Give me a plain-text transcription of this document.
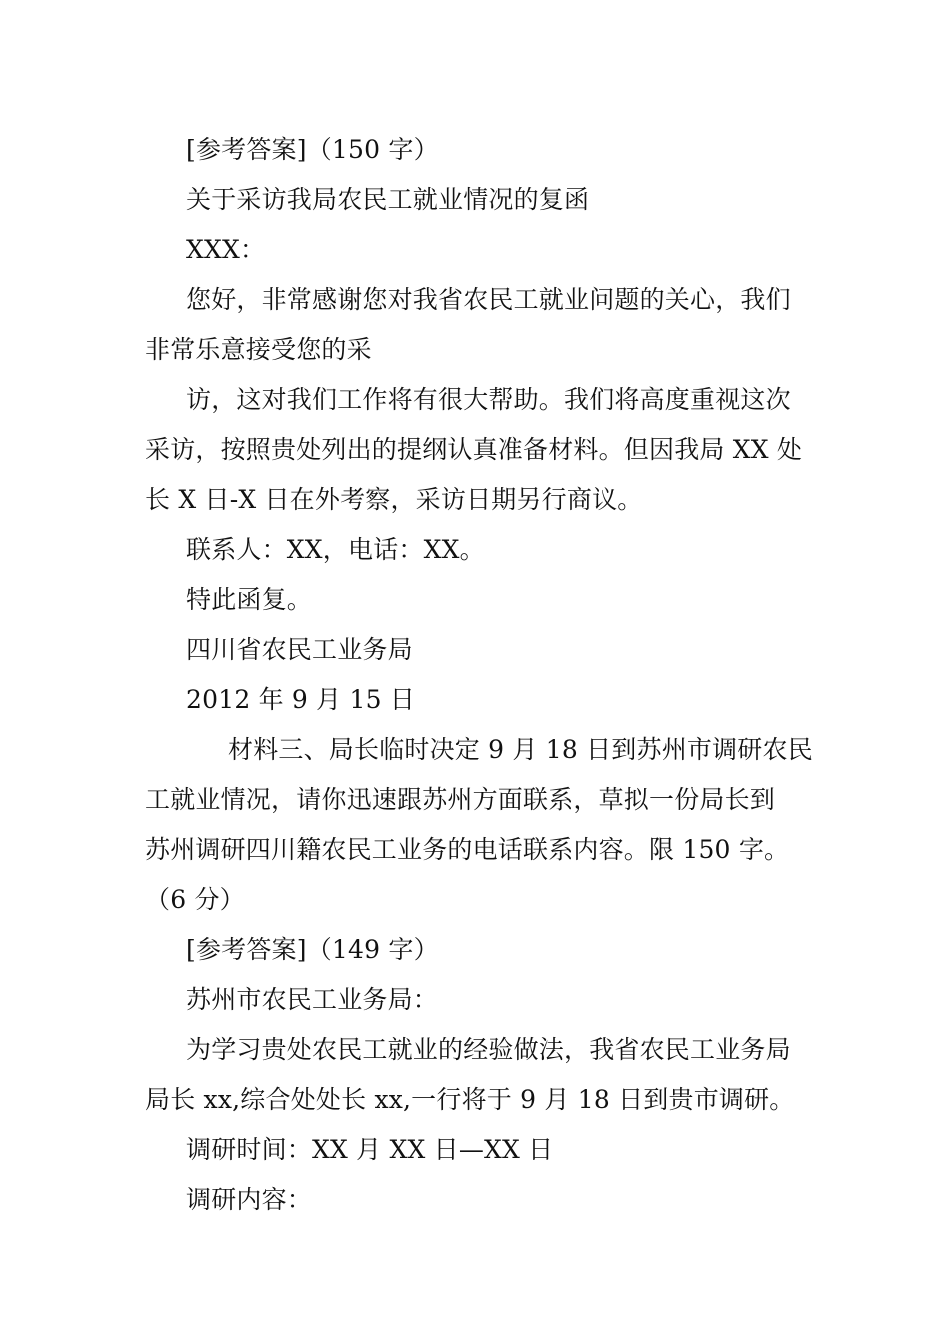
[参考答案]（150 字）
关于采访我局农民工就业情况的复函
XXX：
您好，非常感谢您对我省农民工就业问题的关心，我们
非常乐意接受您的采
访，这对我们工作将有很大帮助。我们将高度重视这次
采访，按照贵处列出的提纲认真准备材料。但因我局 XX 处
长 X 日-X 日在外考察，采访日期另行商议。
联系人：XX，电话：XX。
特此函复。
四川省农民工业务局
2012 年 9 月 15 日
材料三、局长临时决定 9 月 18 日到苏州市调研农民
工就业情况，请你迅速跟苏州方面联系，草拟一份局长到
苏州调研四川籍农民工业务的电话联系内容。限 150 字。
（6 分）
[参考答案]（149 字）
苏州市农民工业务局：
为学习贵处农民工就业的经验做法，我省农民工业务局
局长 xx,综合处处长 xx,一行将于 9 月 18 日到贵市调研。
调研时间：XX 月 XX 日—XX 日
调研内容：
